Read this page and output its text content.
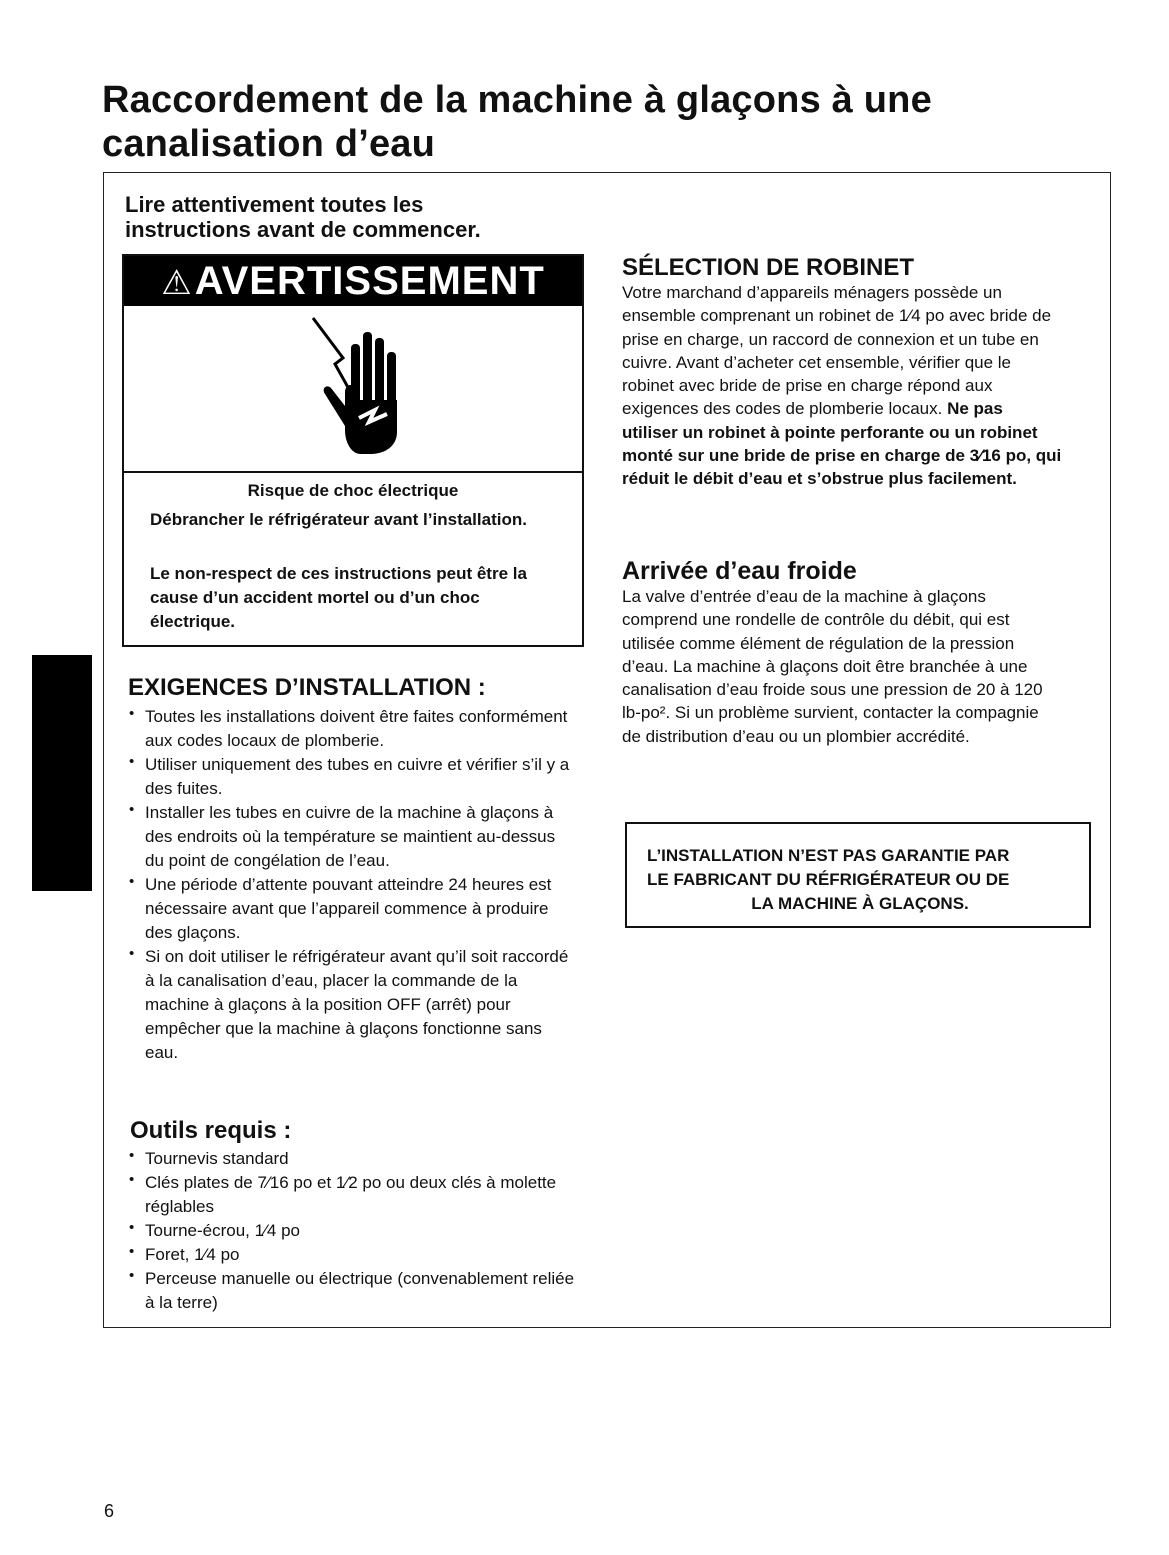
Raccordement de la machine à glaçons à une
canalisation d’eau
Lire attentivement toutes les
instructions avant de commencer.
⚠AVERTISSEMENT
Risque de choc électrique

Débrancher le réfrigérateur avant l’installation.

Le non-respect de ces instructions peut être la cause d’un accident mortel ou d’un choc électrique.

EXIGENCES D’INSTALLATION :
• Toutes les installations doivent être faites conformément aux codes locaux de plomberie.
• Utiliser uniquement des tubes en cuivre et vérifier s’il y a des fuites.
• Installer les tubes en cuivre de la machine à glaçons à des endroits où la température se maintient au-dessus du point de congélation de l’eau.
• Une période d’attente pouvant atteindre 24 heures est nécessaire avant que l’appareil commence à produire des glaçons.
• Si on doit utiliser le réfrigérateur avant qu’il soit raccordé à la canalisation d’eau, placer la commande de la machine à glaçons à la position OFF (arrêt) pour empêcher que la machine à glaçons fonctionne sans eau.
Outils requis :
• Tournevis standard
• Clés plates de 7⁄16 po et 1⁄2 po ou deux clés à molette réglables
• Tourne-écrou, 1⁄4 po
• Foret, 1⁄4 po
• Perceuse manuelle ou électrique (convenablement reliée à la terre)
SÉLECTION DE ROBINET

Votre marchand d’appareils ménagers possède un ensemble comprenant un robinet de 1⁄4 po avec bride de prise en charge, un raccord de connexion et un tube en cuivre. Avant d’acheter cet ensemble, vérifier que le robinet avec bride de prise en charge répond aux exigences des codes de plomberie locaux. Ne pas utiliser un robinet à pointe perforante ou un robinet monté sur une bride de prise en charge de 3⁄16 po, qui réduit le débit d’eau et s’obstrue plus facilement.

Arrivée d’eau froide

La valve d’entrée d’eau de la machine à glaçons comprend une rondelle de contrôle du débit, qui est utilisée comme élément de régulation de la pression d’eau. La machine à glaçons doit être branchée à une canalisation d’eau froide sous une pression de 20 à 120 lb-po². Si un problème survient, contacter la compagnie de distribution d’eau ou un plombier accrédité.

L’INSTALLATION N’EST PAS GARANTIE PAR
LE FABRICANT DU RÉFRIGÉRATEUR OU DE
LA MACHINE À GLAÇONS.
6
